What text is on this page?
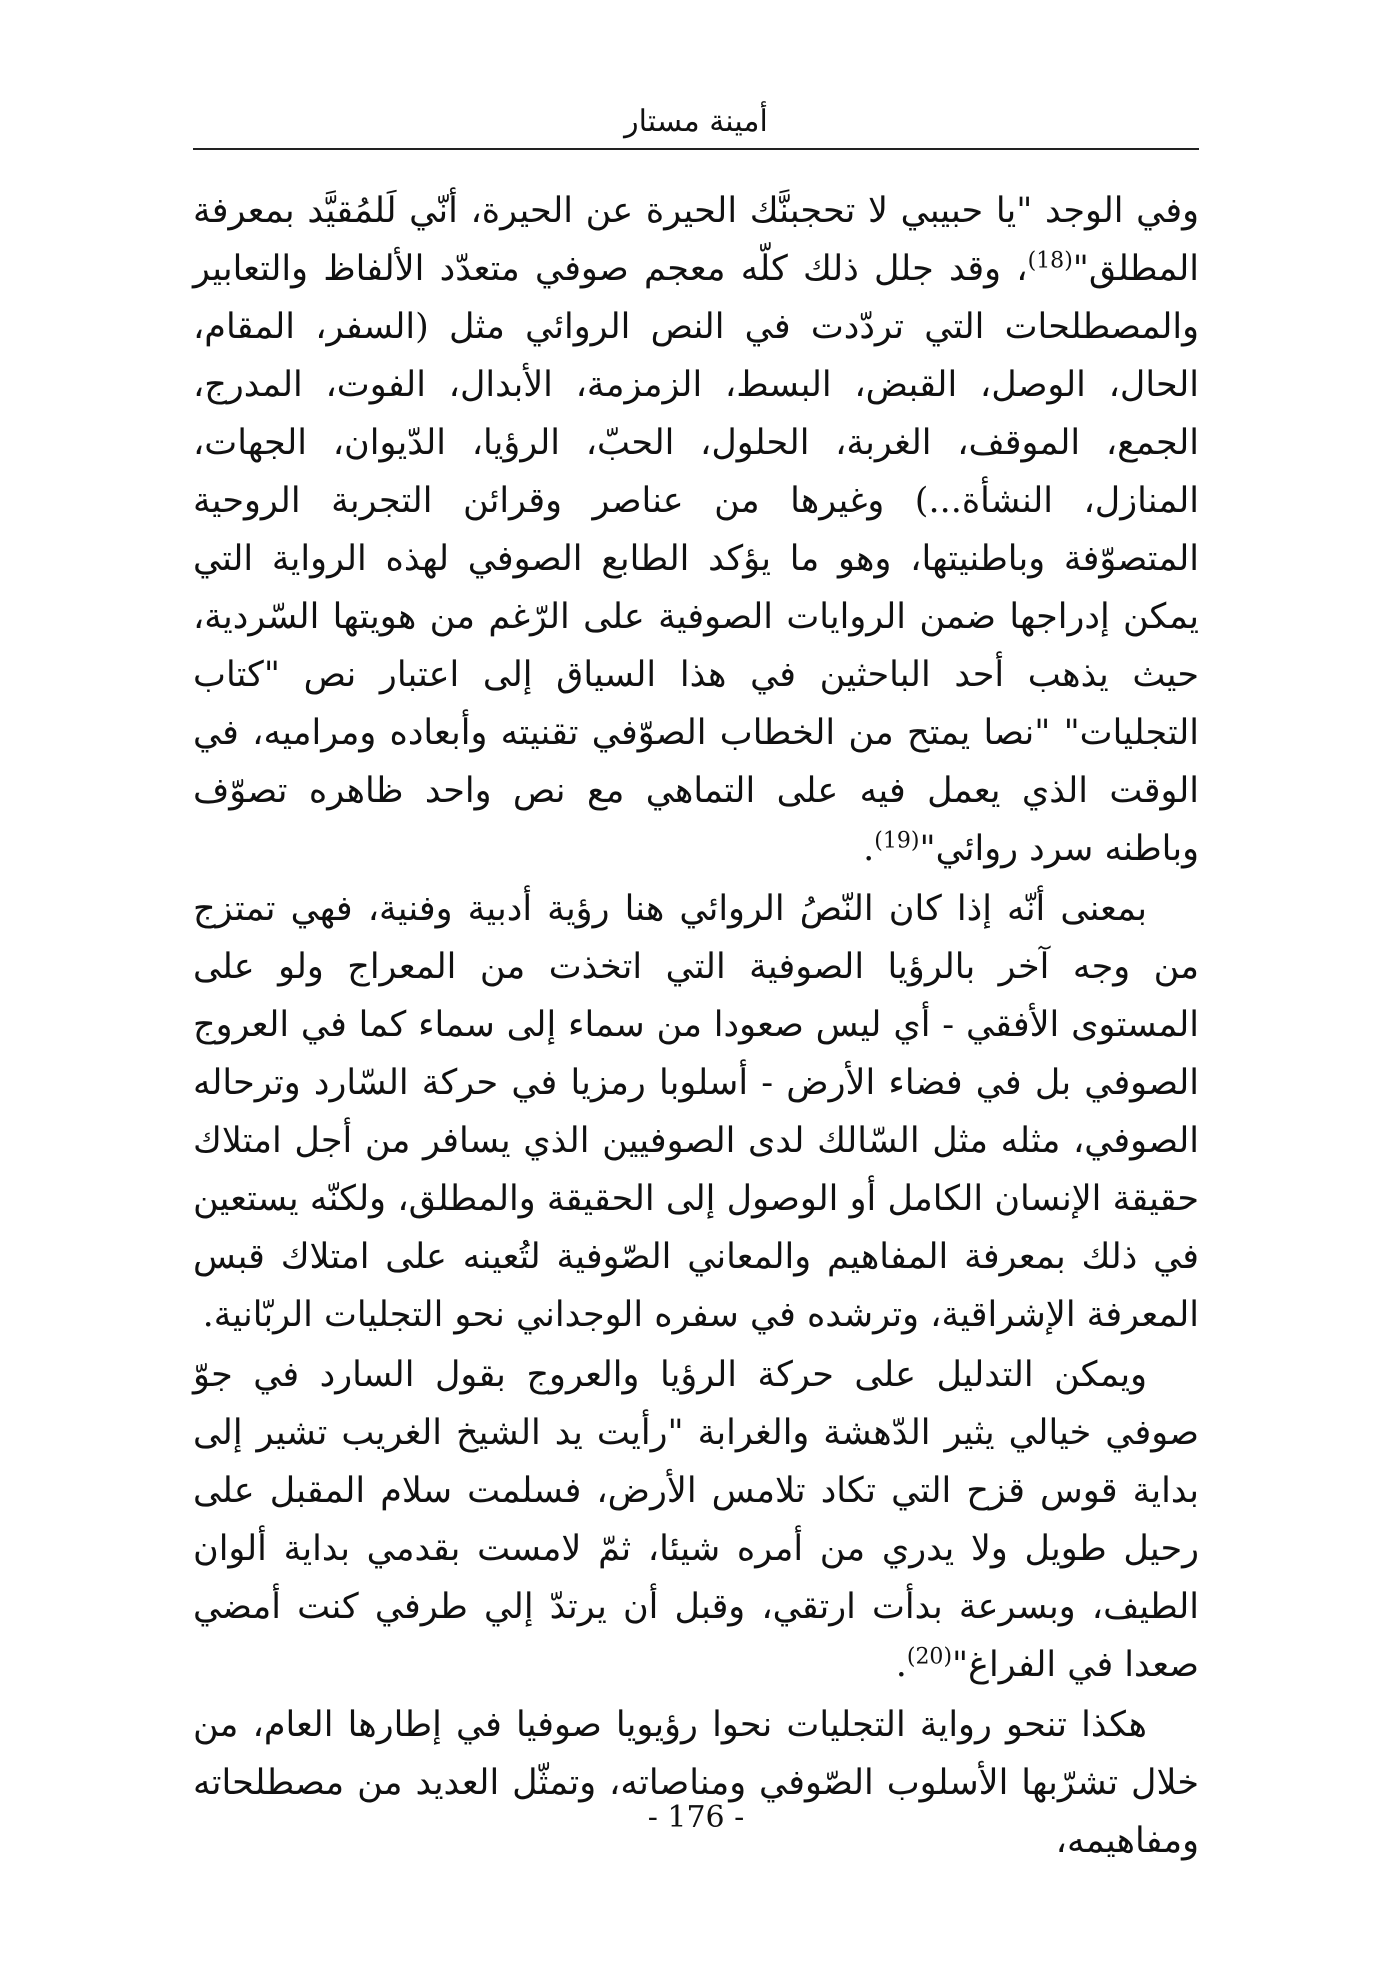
أمينة مستار

وفي الوجد "يا حبيبي لا تحجبنَّك الحيرة عن الحيرة، أنّي لَلمُقيَّد بمعرفة المطلق"$^{(18)}$، وقد جلل ذلك كلّه معجم صوفي متعدّد الألفاظ والتعابير والمصطلحات التي تردّدت في النص الروائي مثل (السفر، المقام، الحال، الوصل، القبض، البسط، الزمزمة، الأبدال، الفوت، المدرج، الجمع، الموقف، الغربة، الحلول، الحبّ، الرؤيا، الدّيوان، الجهات، المنازل، النشأة...) وغيرها من عناصر وقرائن التجربة الروحية المتصوّفة وباطنيتها، وهو ما يؤكد الطابع الصوفي لهذه الرواية التي يمكن إدراجها ضمن الروايات الصوفية على الرّغم من هويتها السّردية، حيث يذهب أحد الباحثين في هذا السياق إلى اعتبار نص "كتاب التجليات" "نصا يمتح من الخطاب الصوّفي تقنيته وأبعاده ومراميه، في الوقت الذي يعمل فيه على التماهي مع نص واحد ظاهره تصوّف وباطنه سرد روائي"$^{(19)}$.

بمعنى أنّه إذا كان النّصُ الروائي هنا رؤية أدبية وفنية، فهي تمتزج من وجه آخر بالرؤيا الصوفية التي اتخذت من المعراج ولو على المستوى الأفقي - أي ليس صعودا من سماء إلى سماء كما في العروج الصوفي بل في فضاء الأرض - أسلوبا رمزيا في حركة السّارد وترحاله الصوفي، مثله مثل السّالك لدى الصوفيين الذي يسافر من أجل امتلاك حقيقة الإنسان الكامل أو الوصول إلى الحقيقة والمطلق، ولكنّه يستعين في ذلك بمعرفة المفاهيم والمعاني الصّوفية لتُعينه على امتلاك قبس المعرفة الإشراقية، وترشده في سفره الوجداني نحو التجليات الربّانية.

ويمكن التدليل على حركة الرؤيا والعروج بقول السارد في جوّ صوفي خيالي يثير الدّهشة والغرابة "رأيت يد الشيخ الغريب تشير إلى بداية قوس قزح التي تكاد تلامس الأرض، فسلمت سلام المقبل على رحيل طويل ولا يدري من أمره شيئا، ثمّ لامست بقدمي بداية ألوان الطيف، وبسرعة بدأت ارتقي، وقبل أن يرتدّ إلي طرفي كنت أمضي صعدا في الفراغ"$^{(20)}$.

هكذا تنحو رواية التجليات نحوا رؤيويا صوفيا في إطارها العام، من خلال تشرّبها الأسلوب الصّوفي ومناصاته، وتمثّل العديد من مصطلحاته ومفاهيمه،

- 176 -
